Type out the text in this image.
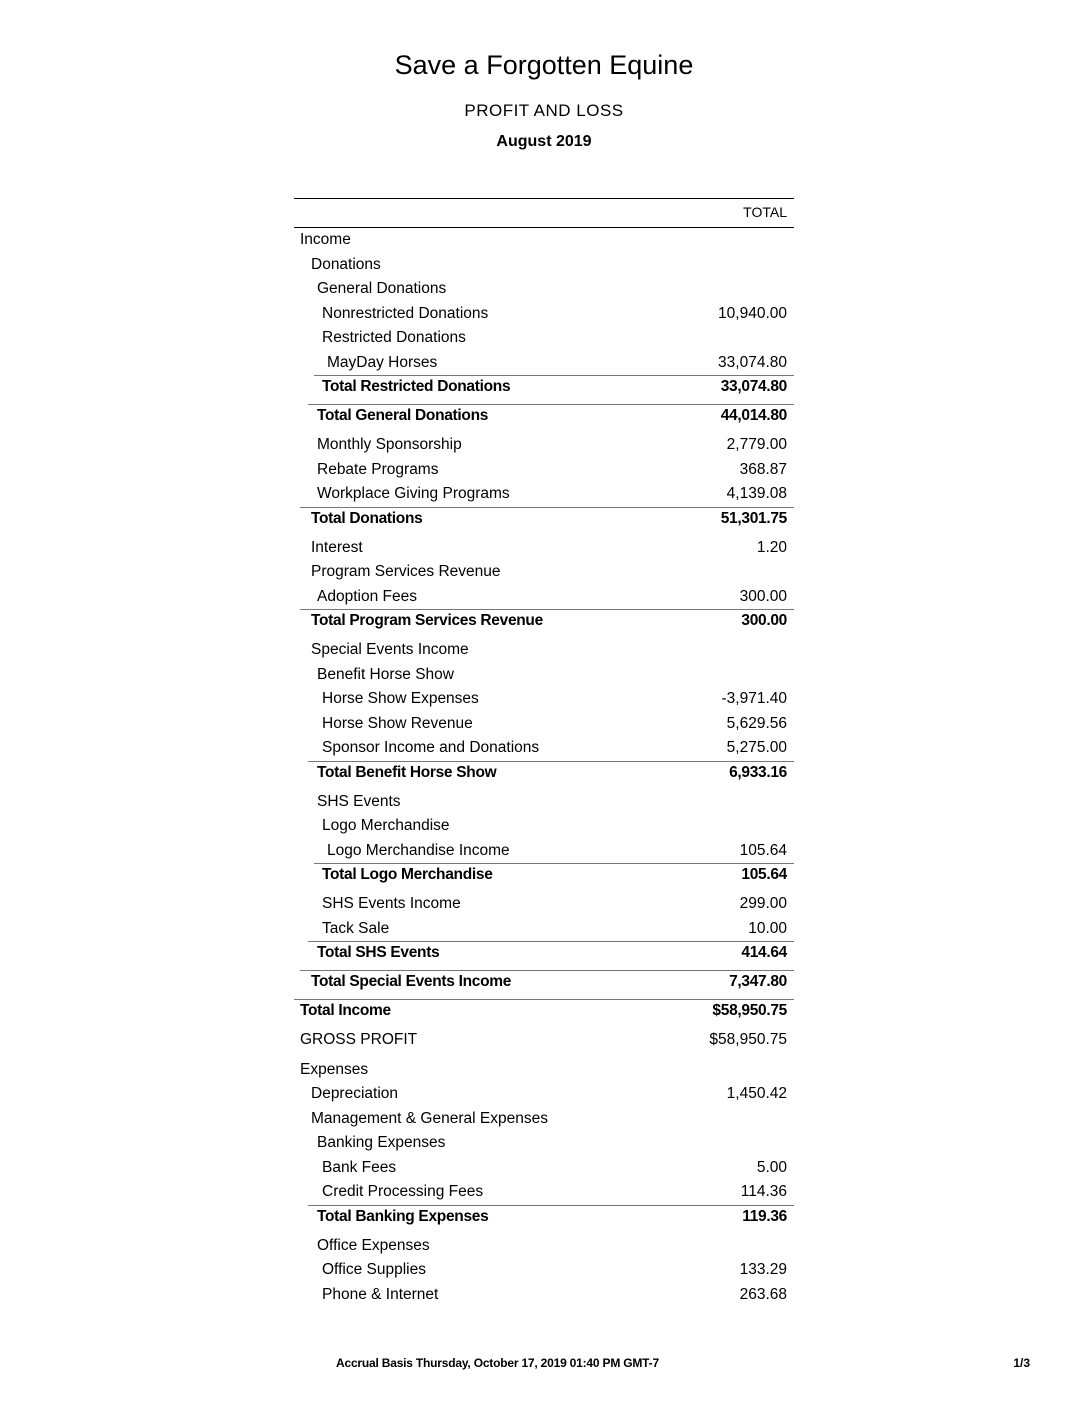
Save a Forgotten Equine
PROFIT AND LOSS
August 2019
TOTAL
Income
Donations
General Donations
Nonrestricted Donations	10,940.00
Restricted Donations
MayDay Horses	33,074.80
Total Restricted Donations	33,074.80
Total General Donations	44,014.80
Monthly Sponsorship	2,779.00
Rebate Programs	368.87
Workplace Giving Programs	4,139.08
Total Donations	51,301.75
Interest	1.20
Program Services Revenue
Adoption Fees	300.00
Total Program Services Revenue	300.00
Special Events Income
Benefit Horse Show
Horse Show Expenses	-3,971.40
Horse Show Revenue	5,629.56
Sponsor Income and Donations	5,275.00
Total Benefit Horse Show	6,933.16
SHS Events
Logo Merchandise
Logo Merchandise Income	105.64
Total Logo Merchandise	105.64
SHS Events Income	299.00
Tack Sale	10.00
Total SHS Events	414.64
Total Special Events Income	7,347.80
Total Income	$58,950.75
GROSS PROFIT	$58,950.75
Expenses
Depreciation	1,450.42
Management & General Expenses
Banking Expenses
Bank Fees	5.00
Credit Processing Fees	114.36
Total Banking Expenses	119.36
Office Expenses
Office Supplies	133.29
Phone & Internet	263.68
Accrual Basis Thursday, October 17, 2019 01:40 PM GMT-7	1/3
